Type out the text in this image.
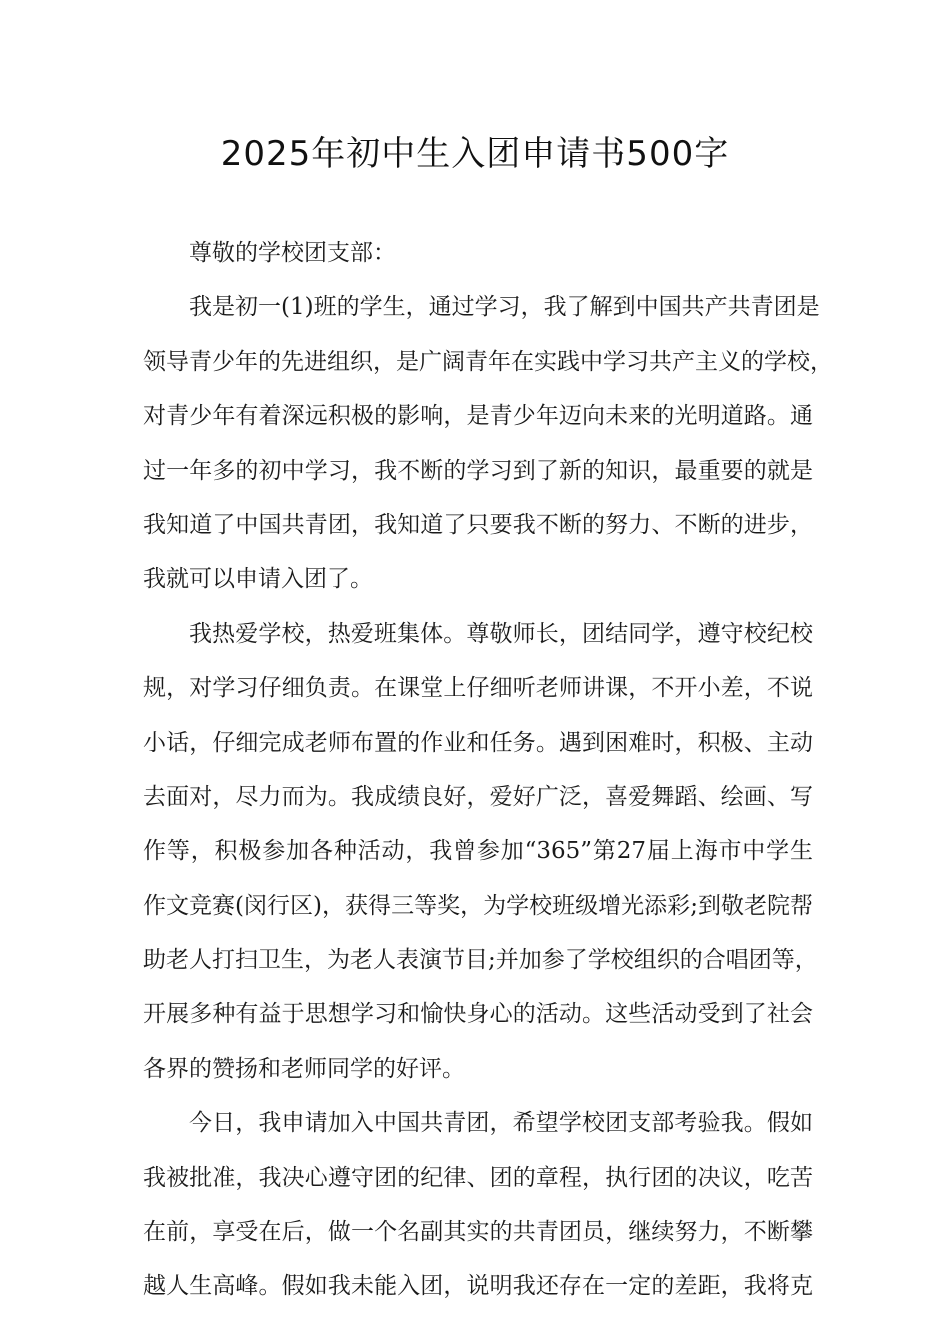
2025年初中生入团申请书500字

尊敬的学校团支部：

我是初一(1)班的学生，通过学习，我了解到中国共产共青团是
领导青少年的先进组织，是广阔青年在实践中学习共产主义的学校，
对青少年有着深远积极的影响，是青少年迈向未来的光明道路。通
过一年多的初中学习，我不断的学习到了新的知识，最重要的就是
我知道了中国共青团，我知道了只要我不断的努力、不断的进步，
我就可以申请入团了。

我热爱学校，热爱班集体。尊敬师长，团结同学，遵守校纪校
规，对学习仔细负责。在课堂上仔细听老师讲课，不开小差，不说
小话，仔细完成老师布置的作业和任务。遇到困难时，积极、主动
去面对，尽力而为。我成绩良好，爱好广泛，喜爱舞蹈、绘画、写
作等，积极参加各种活动，我曾参加“365”第27届上海市中学生
作文竞赛(闵行区)，获得三等奖，为学校班级增光添彩;到敬老院帮
助老人打扫卫生，为老人表演节目;并加参了学校组织的合唱团等，
开展多种有益于思想学习和愉快身心的活动。这些活动受到了社会
各界的赞扬和老师同学的好评。

今日，我申请加入中国共青团，希望学校团支部考验我。假如
我被批准，我决心遵守团的纪律、团的章程，执行团的决议，吃苦
在前，享受在后，做一个名副其实的共青团员，继续努力，不断攀
越人生高峰。假如我未能入团，说明我还存在一定的差距，我将克
